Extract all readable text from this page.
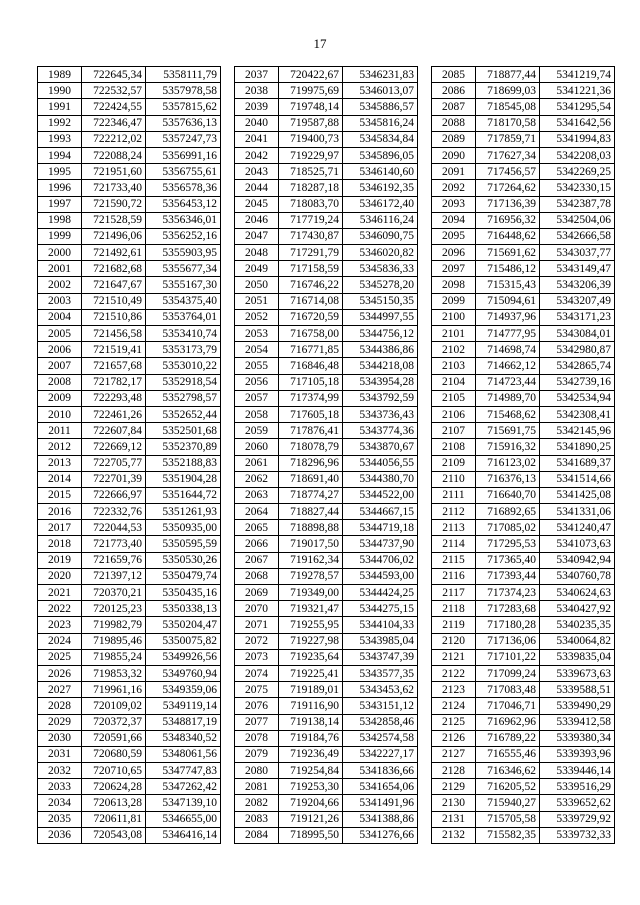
17
1989	722645,34	5358111,79
1990	722532,57	5357978,58
1991	722424,55	5357815,62
1992	722346,47	5357636,13
1993	722212,02	5357247,73
1994	722088,24	5356991,16
1995	721951,60	5356755,61
1996	721733,40	5356578,36
1997	721590,72	5356453,12
1998	721528,59	5356346,01
1999	721496,06	5356252,16
2000	721492,61	5355903,95
2001	721682,68	5355677,34
2002	721647,67	5355167,30
2003	721510,49	5354375,40
2004	721510,86	5353764,01
2005	721456,58	5353410,74
2006	721519,41	5353173,79
2007	721657,68	5353010,22
2008	721782,17	5352918,54
2009	722293,48	5352798,57
2010	722461,26	5352652,44
2011	722607,84	5352501,68
2012	722669,12	5352370,89
2013	722705,77	5352188,83
2014	722701,39	5351904,28
2015	722666,97	5351644,72
2016	722332,76	5351261,93
2017	722044,53	5350935,00
2018	721773,40	5350595,59
2019	721659,76	5350530,26
2020	721397,12	5350479,74
2021	720370,21	5350435,16
2022	720125,23	5350338,13
2023	719982,79	5350204,47
2024	719895,46	5350075,82
2025	719855,24	5349926,56
2026	719853,32	5349760,94
2027	719961,16	5349359,06
2028	720109,02	5349119,14
2029	720372,37	5348817,19
2030	720591,66	5348340,52
2031	720680,59	5348061,56
2032	720710,65	5347747,83
2033	720624,28	5347262,42
2034	720613,28	5347139,10
2035	720611,81	5346655,00
2036	720543,08	5346416,14
2037	720422,67	5346231,83
2038	719975,69	5346013,07
2039	719748,14	5345886,57
2040	719587,88	5345816,24
2041	719400,73	5345834,84
2042	719229,97	5345896,05
2043	718525,71	5346140,60
2044	718287,18	5346192,35
2045	718083,70	5346172,40
2046	717719,24	5346116,24
2047	717430,87	5346090,75
2048	717291,79	5346020,82
2049	717158,59	5345836,33
2050	716746,22	5345278,20
2051	716714,08	5345150,35
2052	716720,59	5344997,55
2053	716758,00	5344756,12
2054	716771,85	5344386,86
2055	716846,48	5344218,08
2056	717105,18	5343954,28
2057	717374,99	5343792,59
2058	717605,18	5343736,43
2059	717876,41	5343774,36
2060	718078,79	5343870,67
2061	718296,96	5344056,55
2062	718691,40	5344380,70
2063	718774,27	5344522,00
2064	718827,44	5344667,15
2065	718898,88	5344719,18
2066	719017,50	5344737,90
2067	719162,34	5344706,02
2068	719278,57	5344593,00
2069	719349,00	5344424,25
2070	719321,47	5344275,15
2071	719255,95	5344104,33
2072	719227,98	5343985,04
2073	719235,64	5343747,39
2074	719225,41	5343577,35
2075	719189,01	5343453,62
2076	719116,90	5343151,12
2077	719138,14	5342858,46
2078	719184,76	5342574,58
2079	719236,49	5342227,17
2080	719254,84	5341836,66
2081	719253,30	5341654,06
2082	719204,66	5341491,96
2083	719121,26	5341388,86
2084	718995,50	5341276,66
2085	718877,44	5341219,74
2086	718699,03	5341221,36
2087	718545,08	5341295,54
2088	718170,58	5341642,56
2089	717859,71	5341994,83
2090	717627,34	5342208,03
2091	717456,57	5342269,25
2092	717264,62	5342330,15
2093	717136,39	5342387,78
2094	716956,32	5342504,06
2095	716448,62	5342666,58
2096	715691,62	5343037,77
2097	715486,12	5343149,47
2098	715315,43	5343206,39
2099	715094,61	5343207,49
2100	714937,96	5343171,23
2101	714777,95	5343084,01
2102	714698,74	5342980,87
2103	714662,12	5342865,74
2104	714723,44	5342739,16
2105	714989,70	5342534,94
2106	715468,62	5342308,41
2107	715691,75	5342145,96
2108	715916,32	5341890,25
2109	716123,02	5341689,37
2110	716376,13	5341514,66
2111	716640,70	5341425,08
2112	716892,65	5341331,06
2113	717085,02	5341240,47
2114	717295,53	5341073,63
2115	717365,40	5340942,94
2116	717393,44	5340760,78
2117	717374,23	5340624,63
2118	717283,68	5340427,92
2119	717180,28	5340235,35
2120	717136,06	5340064,82
2121	717101,22	5339835,04
2122	717099,24	5339673,63
2123	717083,48	5339588,51
2124	717046,71	5339490,29
2125	716962,96	5339412,58
2126	716789,22	5339380,34
2127	716555,46	5339393,96
2128	716346,62	5339446,14
2129	716205,52	5339516,29
2130	715940,27	5339652,62
2131	715705,58	5339729,92
2132	715582,35	5339732,33
